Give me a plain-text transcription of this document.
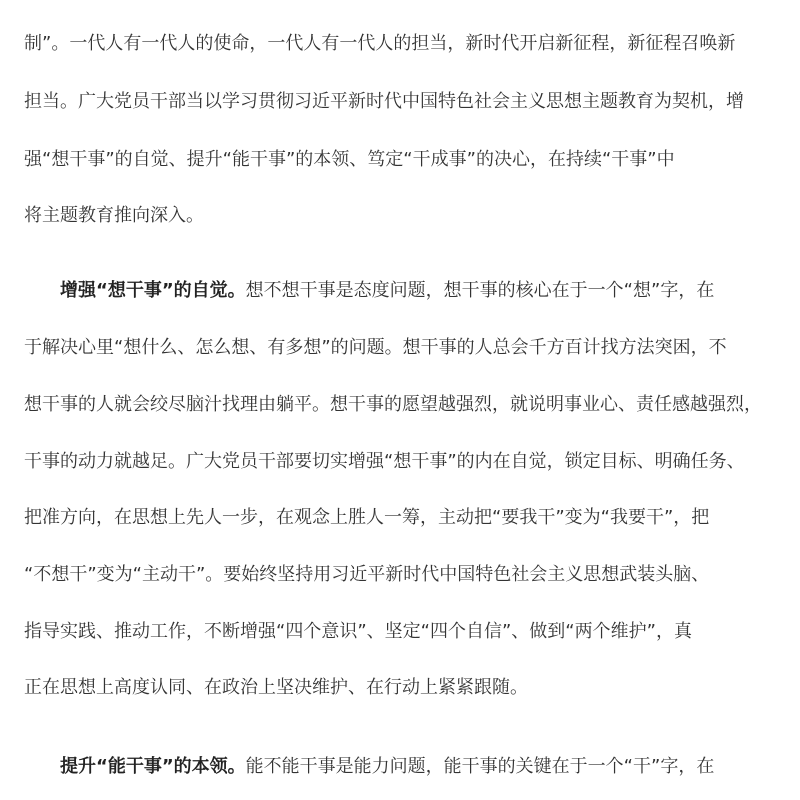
制”。一代人有一代人的使命，一代人有一代人的担当，新时代开启新征程，新征程召唤新
担当。广大党员干部当以学习贯彻习近平新时代中国特色社会主义思想主题教育为契机，增
强“想干事”的自觉、提升“能干事”的本领、笃定“干成事”的决心，在持续“干事”中
将主题教育推向深入。
增强“想干事”的自觉。想不想干事是态度问题，想干事的核心在于一个“想”字，在
于解决心里“想什么、怎么想、有多想”的问题。想干事的人总会千方百计找方法突困，不
想干事的人就会绞尽脑汁找理由躺平。想干事的愿望越强烈，就说明事业心、责任感越强烈，
干事的动力就越足。广大党员干部要切实增强“想干事”的内在自觉，锁定目标、明确任务、
把准方向，在思想上先人一步，在观念上胜人一筹，主动把“要我干”变为“我要干”，把
“不想干”变为“主动干”。要始终坚持用习近平新时代中国特色社会主义思想武装头脑、
指导实践、推动工作，不断增强“四个意识”、坚定“四个自信”、做到“两个维护”，真
正在思想上高度认同、在政治上坚决维护、在行动上紧紧跟随。
提升“能干事”的本领。能不能干事是能力问题，能干事的关键在于一个“干”字，在
